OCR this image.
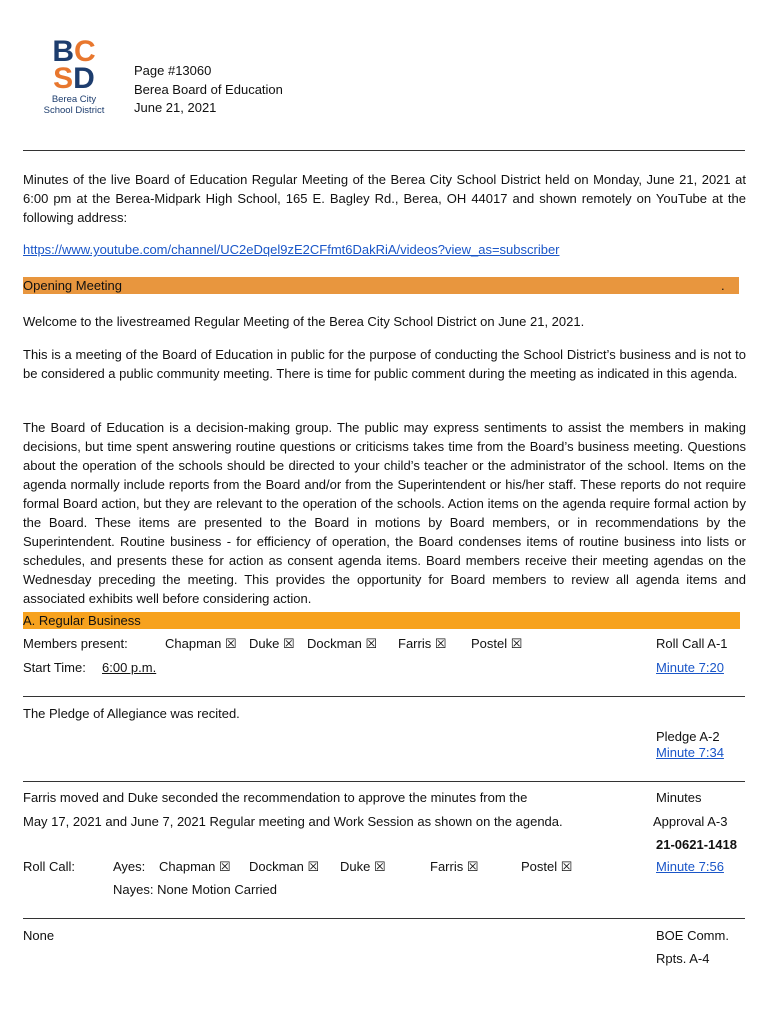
BC
SD
Berea City
School District
Page #13060
Berea Board of Education
June 21, 2021
Minutes of the live Board of Education Regular Meeting of the Berea City School District held on Monday, June 21, 2021 at 6:00 pm at the Berea-Midpark High School, 165 E. Bagley Rd., Berea, OH 44017 and shown remotely on YouTube at the following address:
https://www.youtube.com/channel/UC2eDqel9zE2CFfmt6DakRiA/videos?view_as=subscriber
Opening Meeting	.
Welcome to the livestreamed Regular Meeting of the Berea City School District on June 21, 2021.
This is a meeting of the Board of Education in public for the purpose of conducting the School District’s business and is not to be considered a public community meeting. There is time for public comment during the meeting as indicated in this agenda.
The Board of Education is a decision-making group. The public may express sentiments to assist the members in making decisions, but time spent answering routine questions or criticisms takes time from the Board’s business meeting. Questions about the operation of the schools should be directed to your child’s teacher or the administrator of the school. Items on the agenda normally include reports from the Board and/or from the Superintendent or his/her staff. These reports do not require formal Board action, but they are relevant to the operation of the schools. Action items on the agenda require formal action by the Board. These items are presented to the Board in motions by Board members, or in recommendations by the Superintendent. Routine business - for efficiency of operation, the Board condenses items of routine business into lists or schedules, and presents these for action as consent agenda items. Board members receive their meeting agendas on the Wednesday preceding the meeting. This provides the opportunity for Board members to review all agenda items and associated exhibits well before considering action.
A. Regular Business
Members present:	Chapman ☒ Duke ☒ Dockman ☒ Farris ☒ Postel ☒	Roll Call A-1
Start Time: 6:00 p.m.	Minute 7:20
The Pledge of Allegiance was recited.
Pledge A-2
Minute 7:34
Farris moved and Duke seconded the recommendation to approve the minutes from the	Minutes
May 17, 2021 and June 7, 2021 Regular meeting and Work Session as shown on the agenda.	Approval A-3
21-0621-1418
Roll Call:	Ayes: Chapman ☒ Dockman ☒ Duke ☒	Farris ☒	Postel ☒	Minute 7:56
Nayes: None Motion Carried
None	BOE Comm.
Rpts. A-4
